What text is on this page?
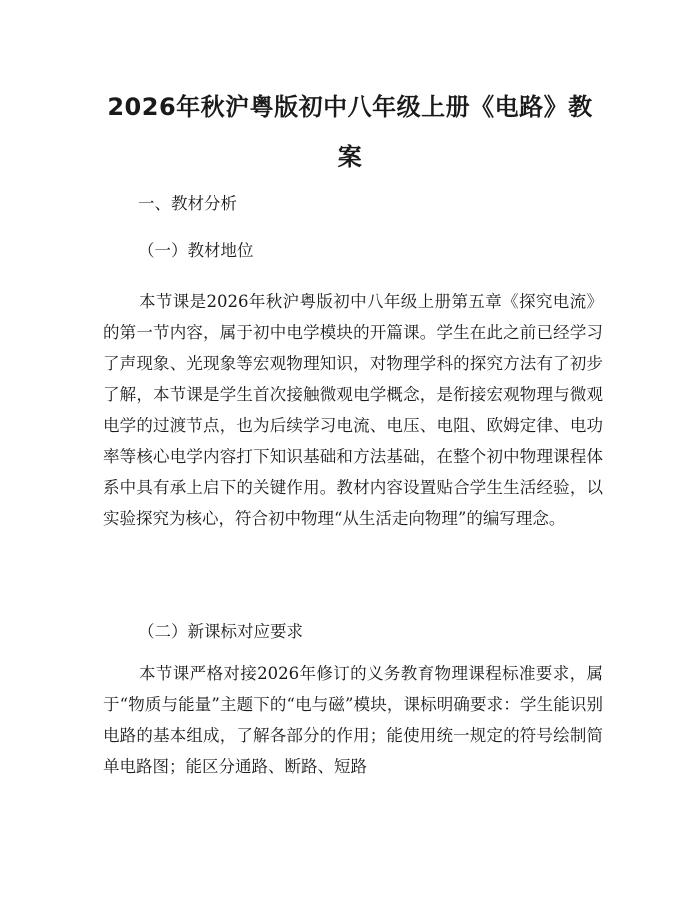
2026年秋沪粤版初中八年级上册《电路》教案

一、教材分析

（一）教材地位

本节课是2026年秋沪粤版初中八年级上册第五章《探究电流》的第一节内容，属于初中电学模块的开篇课。学生在此之前已经学习了声现象、光现象等宏观物理知识，对物理学科的探究方法有了初步了解，本节课是学生首次接触微观电学概念，是衔接宏观物理与微观电学的过渡节点，也为后续学习电流、电压、电阻、欧姆定律、电功率等核心电学内容打下知识基础和方法基础，在整个初中物理课程体系中具有承上启下的关键作用。教材内容设置贴合学生生活经验，以实验探究为核心，符合初中物理“从生活走向物理”的编写理念。

（二）新课标对应要求

本节课严格对接2026年修订的义务教育物理课程标准要求，属于“物质与能量”主题下的“电与磁”模块，课标明确要求：学生能识别电路的基本组成，了解各部分的作用；能使用统一规定的符号绘制简单电路图；能区分通路、断路、短路
